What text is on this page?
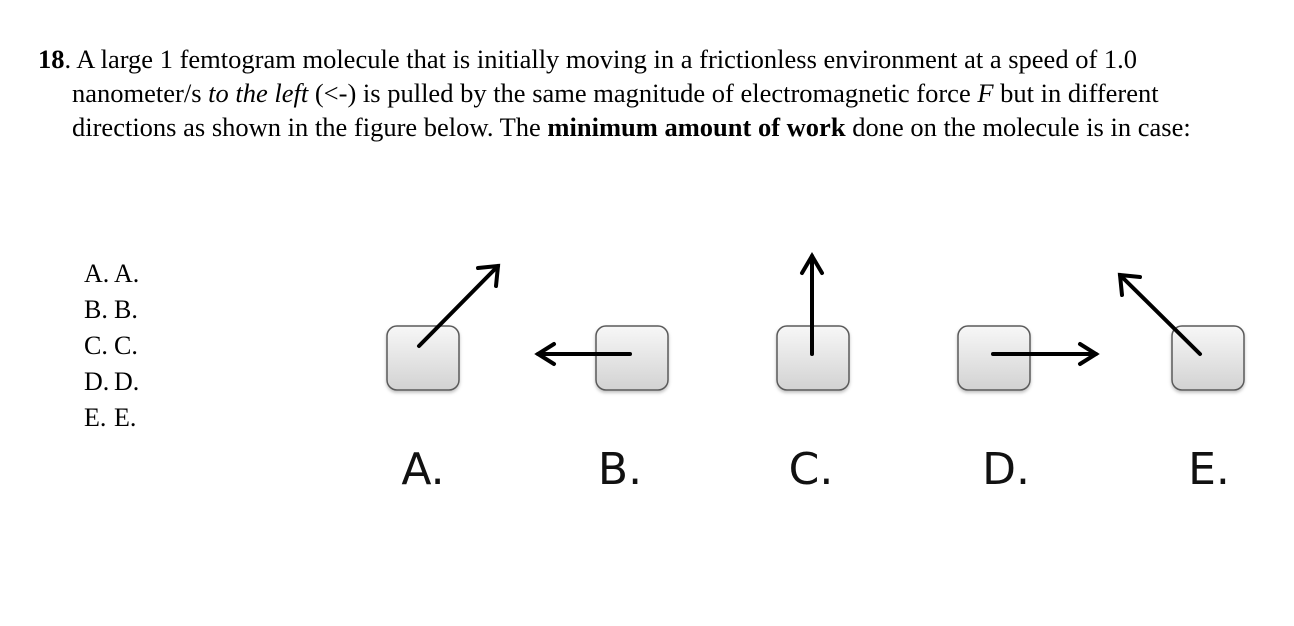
18. A large 1 femtogram molecule that is initially moving in a frictionless environment at a speed of 1.0 nanometer/s to the left (<-) is pulled by the same magnitude of electromagnetic force F but in different directions as shown in the figure below. The minimum amount of work done on the molecule is in case:

A. A.
B. B.
C. C.
D. D.
E. E.
A.	B.	C.	D.	E.
